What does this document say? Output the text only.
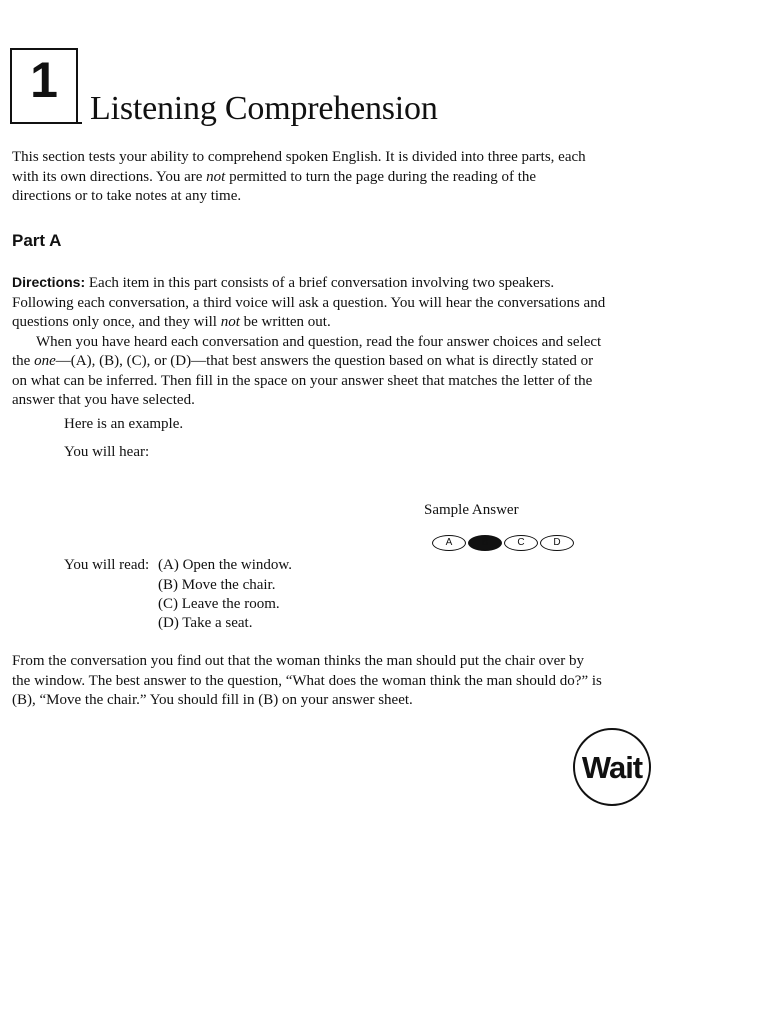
1
Listening Comprehension

This section tests your ability to comprehend spoken English. It is divided into three parts, each
with its own directions. You are not permitted to turn the page during the reading of the
directions or to take notes at any time.

Part A

Directions: Each item in this part consists of a brief conversation involving two speakers.
Following each conversation, a third voice will ask a question. You will hear the conversations and
questions only once, and they will not be written out.
When you have heard each conversation and question, read the four answer choices and select
the one—(A), (B), (C), or (D)—that best answers the question based on what is directly stated or
on what can be inferred. Then fill in the space on your answer sheet that matches the letter of the
answer that you have selected.

Here is an example.

You will hear:

Sample Answer

A	B	C	D

You will read: (A) Open the window.

(B) Move the chair.

(C) Leave the room.

(D) Take a seat.

From the conversation you find out that the woman thinks the man should put the chair over by
the window. The best answer to the question, “What does the woman think the man should do?” is
(B), “Move the chair.” You should fill in (B) on your answer sheet.

Wait
